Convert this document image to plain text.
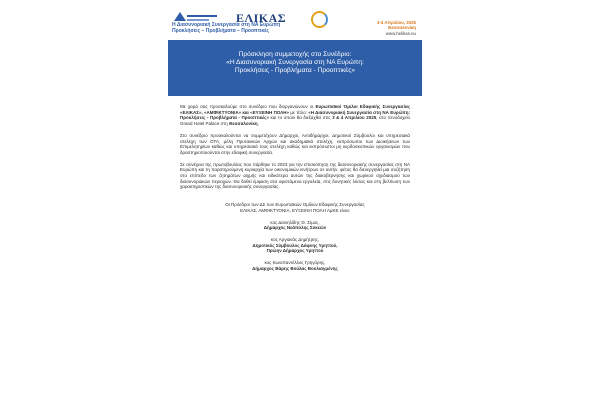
ΕΛΙΚΑΣ
Η Διασυνοριακή Συνεργασία στη ΝΑ Ευρώπη
Προκλήσεις – Προβλήματα – Προοπτικές
3-4 Απριλίου, 2025
Θεσσαλονίκη
www.helikas.eu
Πρόσκληση συμμετοχής στο Συνέδριο:
«Η Διασυνοριακή Συνεργασία στη ΝΑ Ευρώπη:
Προκλήσεις - Προβλήματα - Προοπτικές»

Με χαρά σας προσκαλούμε στο συνέδριο που διοργανώνουν οι Ευρωπαϊκοί Όμιλοι Εδαφικής Συνεργασίας «ΕΛΙΚΑΣ», «ΑΜΦΙΚΤΥΟΝΙΑ» και «ΕΥΞΕΙΝΗ ΠΟΛΗ» με τίτλο: «Η Διασυνοριακή Συνεργασία στη ΝΑ Ευρώπη: Προκλήσεις - Προβλήματα - Προοπτικές» και το οποίο θα διεξαχθεί στις 3 & 4 Απριλίου 2025, στο Ξενοδοχείο Grand Hotel Palace στη Θεσσαλονίκη.

Στο συνέδριο προσκαλούνται να συμμετέχουν Δήμαρχοι, Αντιδήμαρχοι, Δημοτικοί Σύμβουλοι και υπηρεσιακά στελέχη των ΟΤΑ, μέλη Πρυτανικών Αρχών και ακαδημαϊκά στελέχη, εκπρόσωποι των Διοικήσεων των Επιμελητηρίων καθώς και υπηρεσιακά τους στελέχη καθώς και εκπρόσωποι μη κερδοσκοπικών οργανισμών που δραστηριοποιούνται στην εδαφική συνεργασία.

Σε συνέχεια της πρωτοβουλίας που πάρθηκε το 2023 για την επισκόπηση της διασυνοριακής συνεργασίας στη ΝΑ Ευρώπη και τη παρατηρούμενη κυριαρχία των οικονομικών κινήτρων σε αυτήν, φέτος θα διενεργηθεί μια συζήτηση στο επίπεδο των ζητημάτων αιχμής και ειδικότερα αυτών της διακυβέρνησης και χωρικού σχεδιασμού των διασυνοριακών περιοχών. Θα δοθεί έμφαση στα υφιστάμενα εργαλεία, στις δυνητικές λύσεις και στη βελτίωση των χαρακτηριστικών της διασυνοριακής συνεργασίας.

Οι Πρόεδροι των ΔΣ των Ευρωπαϊκών Ομίλων Εδαφικής Συνεργασίας
ΕΛΙΚΑΣ, ΑΜΦΙΚΤΥΟΝΙΑ, ΕΥΞΕΙΝΗ ΠΟΛΗ ΑμΚΕ είναι:
κος Δανιηλίδης Θ. Σίμος,
Δήμαρχος Νεάπολης Συκεών
κος Αργιανάς Δημήτρης,
Δημοτικός Σύμβουλος Δάφνης Υμηττού,
Πρώην Δήμαρχος Υμηττού
κος Κωνσταντέλλος Γρηγόρης,
Δήμαρχος Βάρης Βούλας Βουλιαγμένης
